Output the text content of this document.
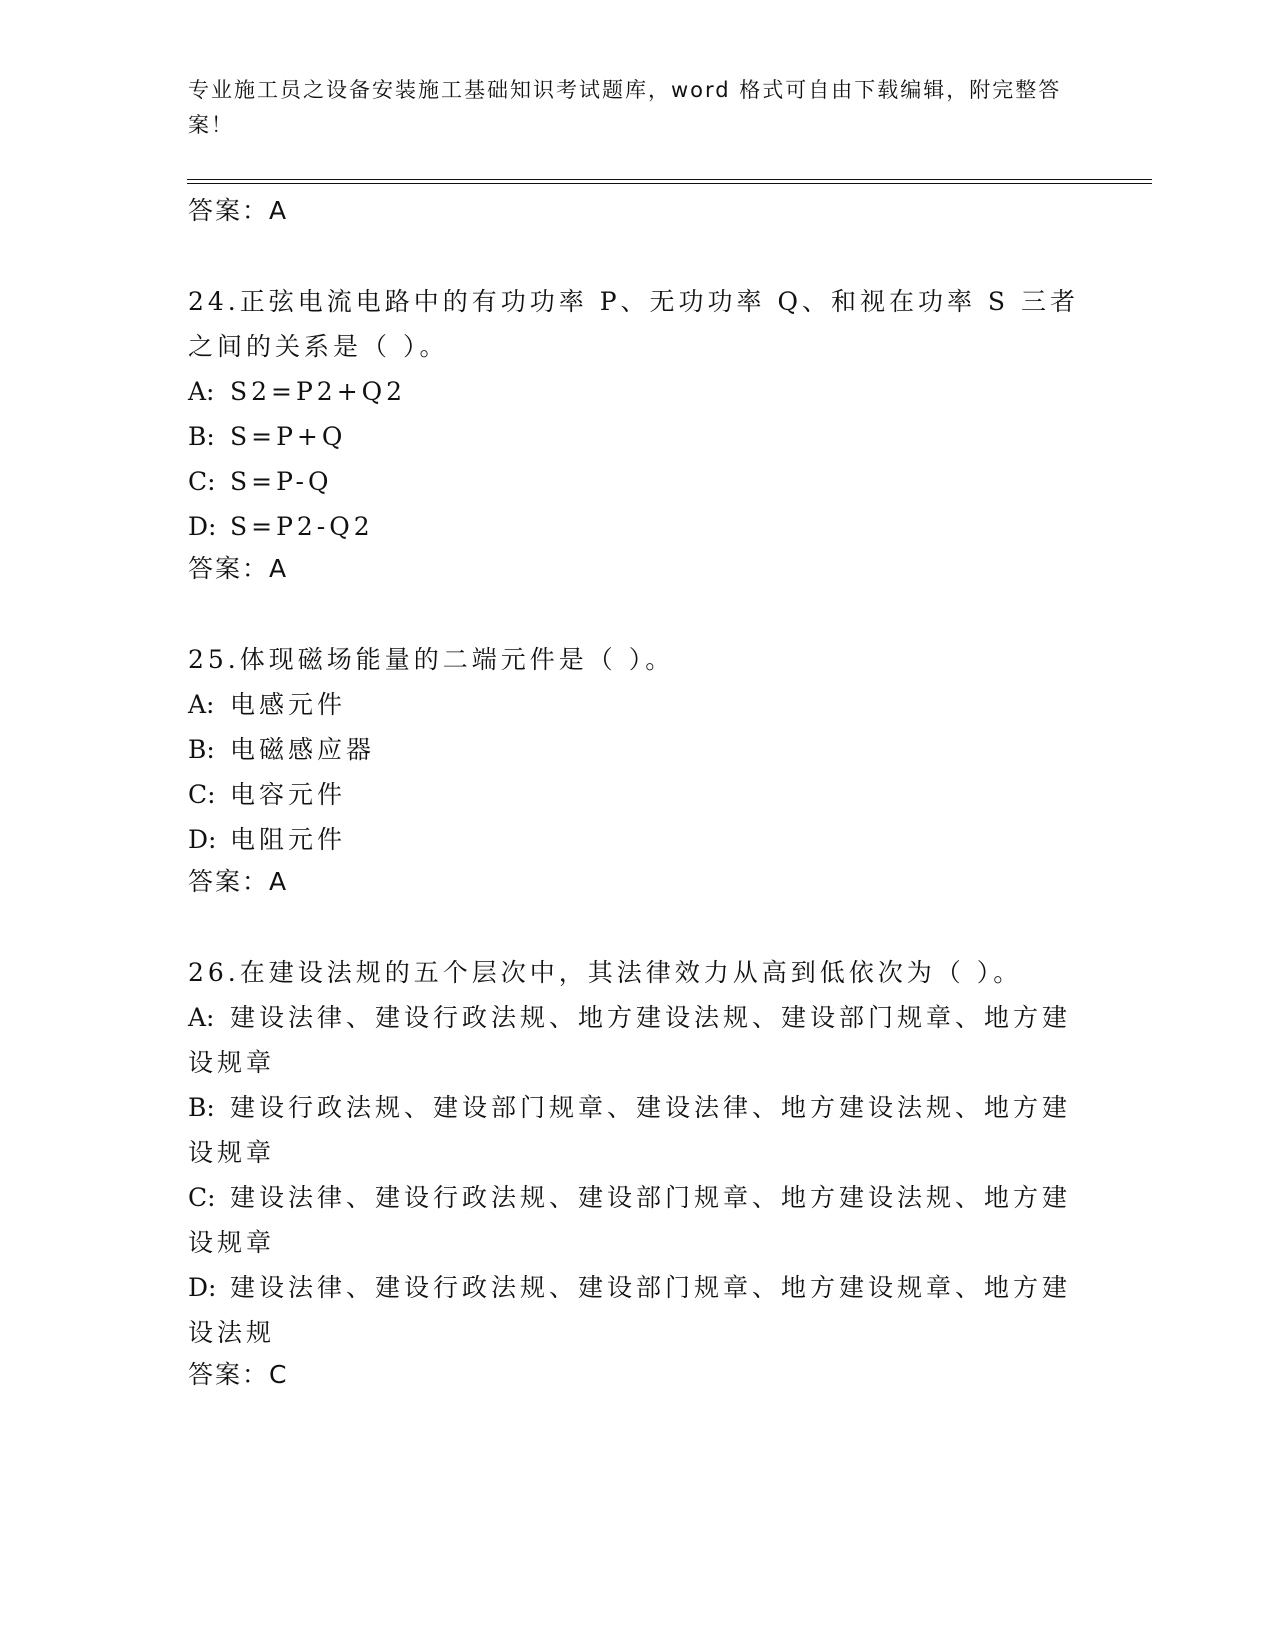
专业施工员之设备安装施工基础知识考试题库，word 格式可自由下载编辑，附完整答案！

答案：A

24.正弦电流电路中的有功功率 P、无功功率 Q、和视在功率 S 三者之间的关系是（ ）。

A: S2=P2+Q2

B: S=P+Q

C: S=P-Q

D: S=P2-Q2

答案：A

25.体现磁场能量的二端元件是（ ）。

A: 电感元件

B: 电磁感应器

C: 电容元件

D: 电阻元件

答案：A

26.在建设法规的五个层次中，其法律效力从高到低依次为（ ）。

A: 建设法律、建设行政法规、地方建设法规、建设部门规章、地方建设规章

B: 建设行政法规、建设部门规章、建设法律、地方建设法规、地方建设规章

C: 建设法律、建设行政法规、建设部门规章、地方建设法规、地方建设规章

D: 建设法律、建设行政法规、建设部门规章、地方建设规章、地方建设法规

答案：C
